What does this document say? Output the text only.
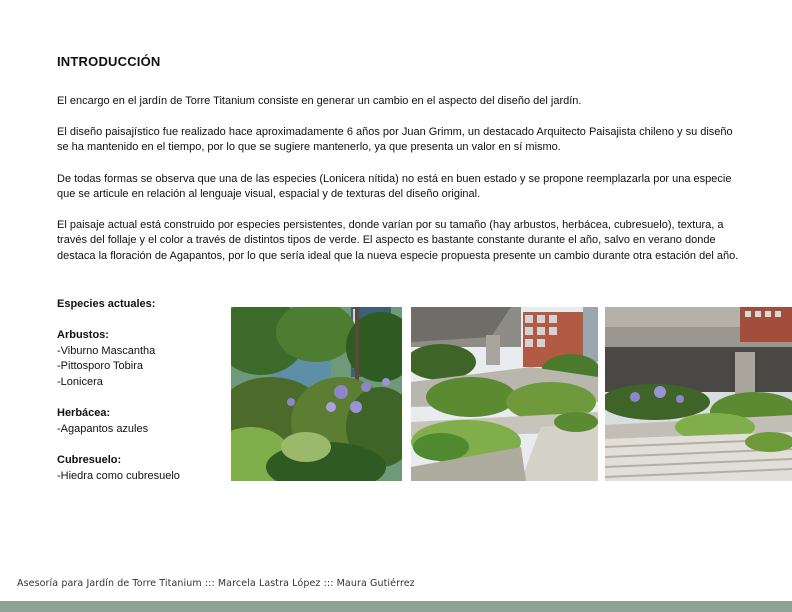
INTRODUCCIÓN

El encargo en el jardín de Torre Titanium consiste en generar un cambio en el aspecto del diseño del jardín.

El diseño paisajístico fue realizado hace aproximadamente 6 años por Juan Grimm, un destacado Arquitecto Paisajista chileno y su diseño se ha mantenido en el tiempo, por lo que se sugiere mantenerlo, ya que presenta un valor en sí mismo.

De todas formas se observa que una de las especies (Lonicera nítida) no está en buen estado y se propone reemplazarla por una especie que se articule en relación al lenguaje visual, espacial y de texturas del diseño original.

El paisaje actual está construido por especies persistentes, donde varían por su tamaño (hay arbustos, herbácea, cubresuelo), textura, a través del follaje y el color a través de distintos tipos de verde. El aspecto es bastante constante durante el año, salvo en verano donde destaca la floración de Agapantos, por lo que sería ideal que la nueva especie propuesta presente un cambio durante otra estación del año.

Especies actuales:
Arbustos:
-Viburno Mascantha
-Pittosporo Tobira
-Lonicera
Herbácea:
-Agapantos azules
Cubresuelo:
-Hiedra como cubresuelo
Asesoría para Jardín de Torre Titanium ::: Marcela Lastra López ::: Maura Gutiérrez
